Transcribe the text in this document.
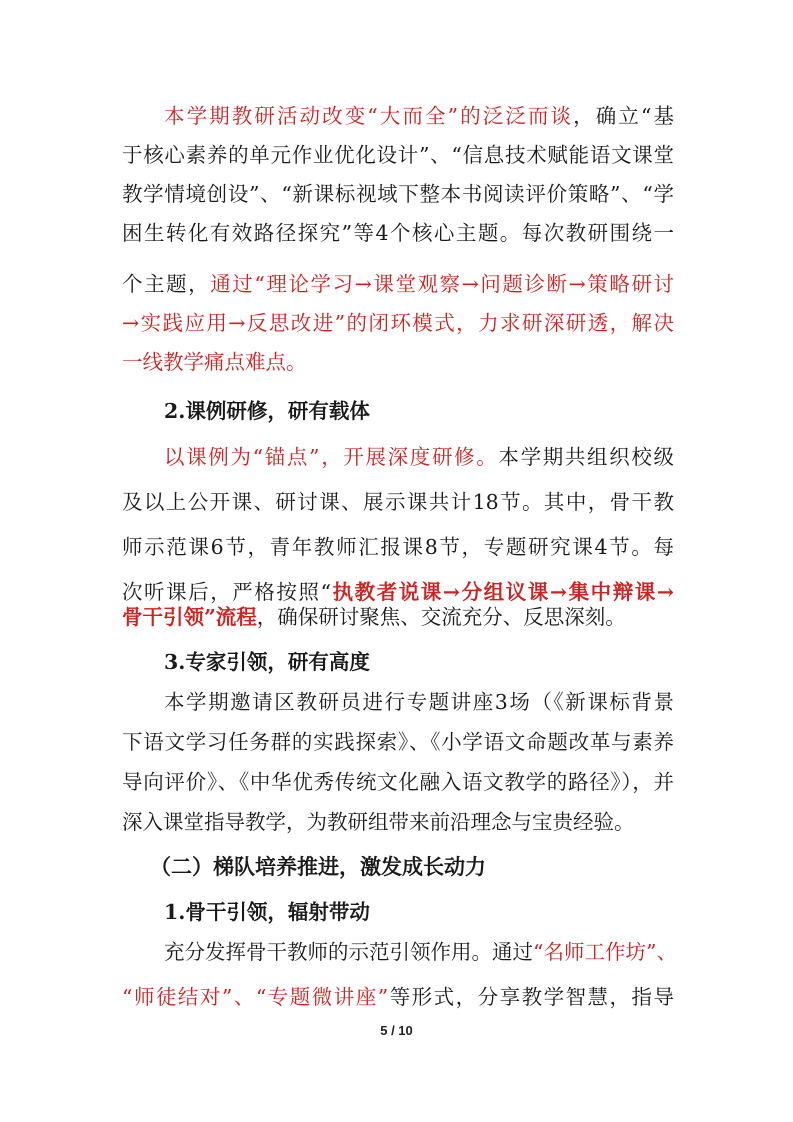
本学期教研活动改变“大而全”的泛泛而谈，确立“基
于核心素养的单元作业优化设计”、“信息技术赋能语文课堂
教学情境创设”、“新课标视域下整本书阅读评价策略”、“学
困生转化有效路径探究”等4个核心主题。每次教研围绕一
个主题，通过“理论学习→课堂观察→问题诊断→策略研讨
→实践应用→反思改进”的闭环模式，力求研深研透，解决
一线教学痛点难点。
2.课例研修，研有载体
以课例为“锚点”，开展深度研修。本学期共组织校级
及以上公开课、研讨课、展示课共计18节。其中，骨干教
师示范课6节，青年教师汇报课8节，专题研究课4节。每
次听课后，严格按照“执教者说课→分组议课→集中辩课→
骨干引领”流程，确保研讨聚焦、交流充分、反思深刻。
3.专家引领，研有高度
本学期邀请区教研员进行专题讲座3场（《新课标背景
下语文学习任务群的实践探索》、《小学语文命题改革与素养
导向评价》、《中华优秀传统文化融入语文教学的路径》），并
深入课堂指导教学，为教研组带来前沿理念与宝贵经验。
（二）梯队培养推进，激发成长动力
1.骨干引领，辐射带动
充分发挥骨干教师的示范引领作用。通过“名师工作坊”、
“师徒结对”、“专题微讲座”等形式，分享教学智慧，指导
5 / 10
